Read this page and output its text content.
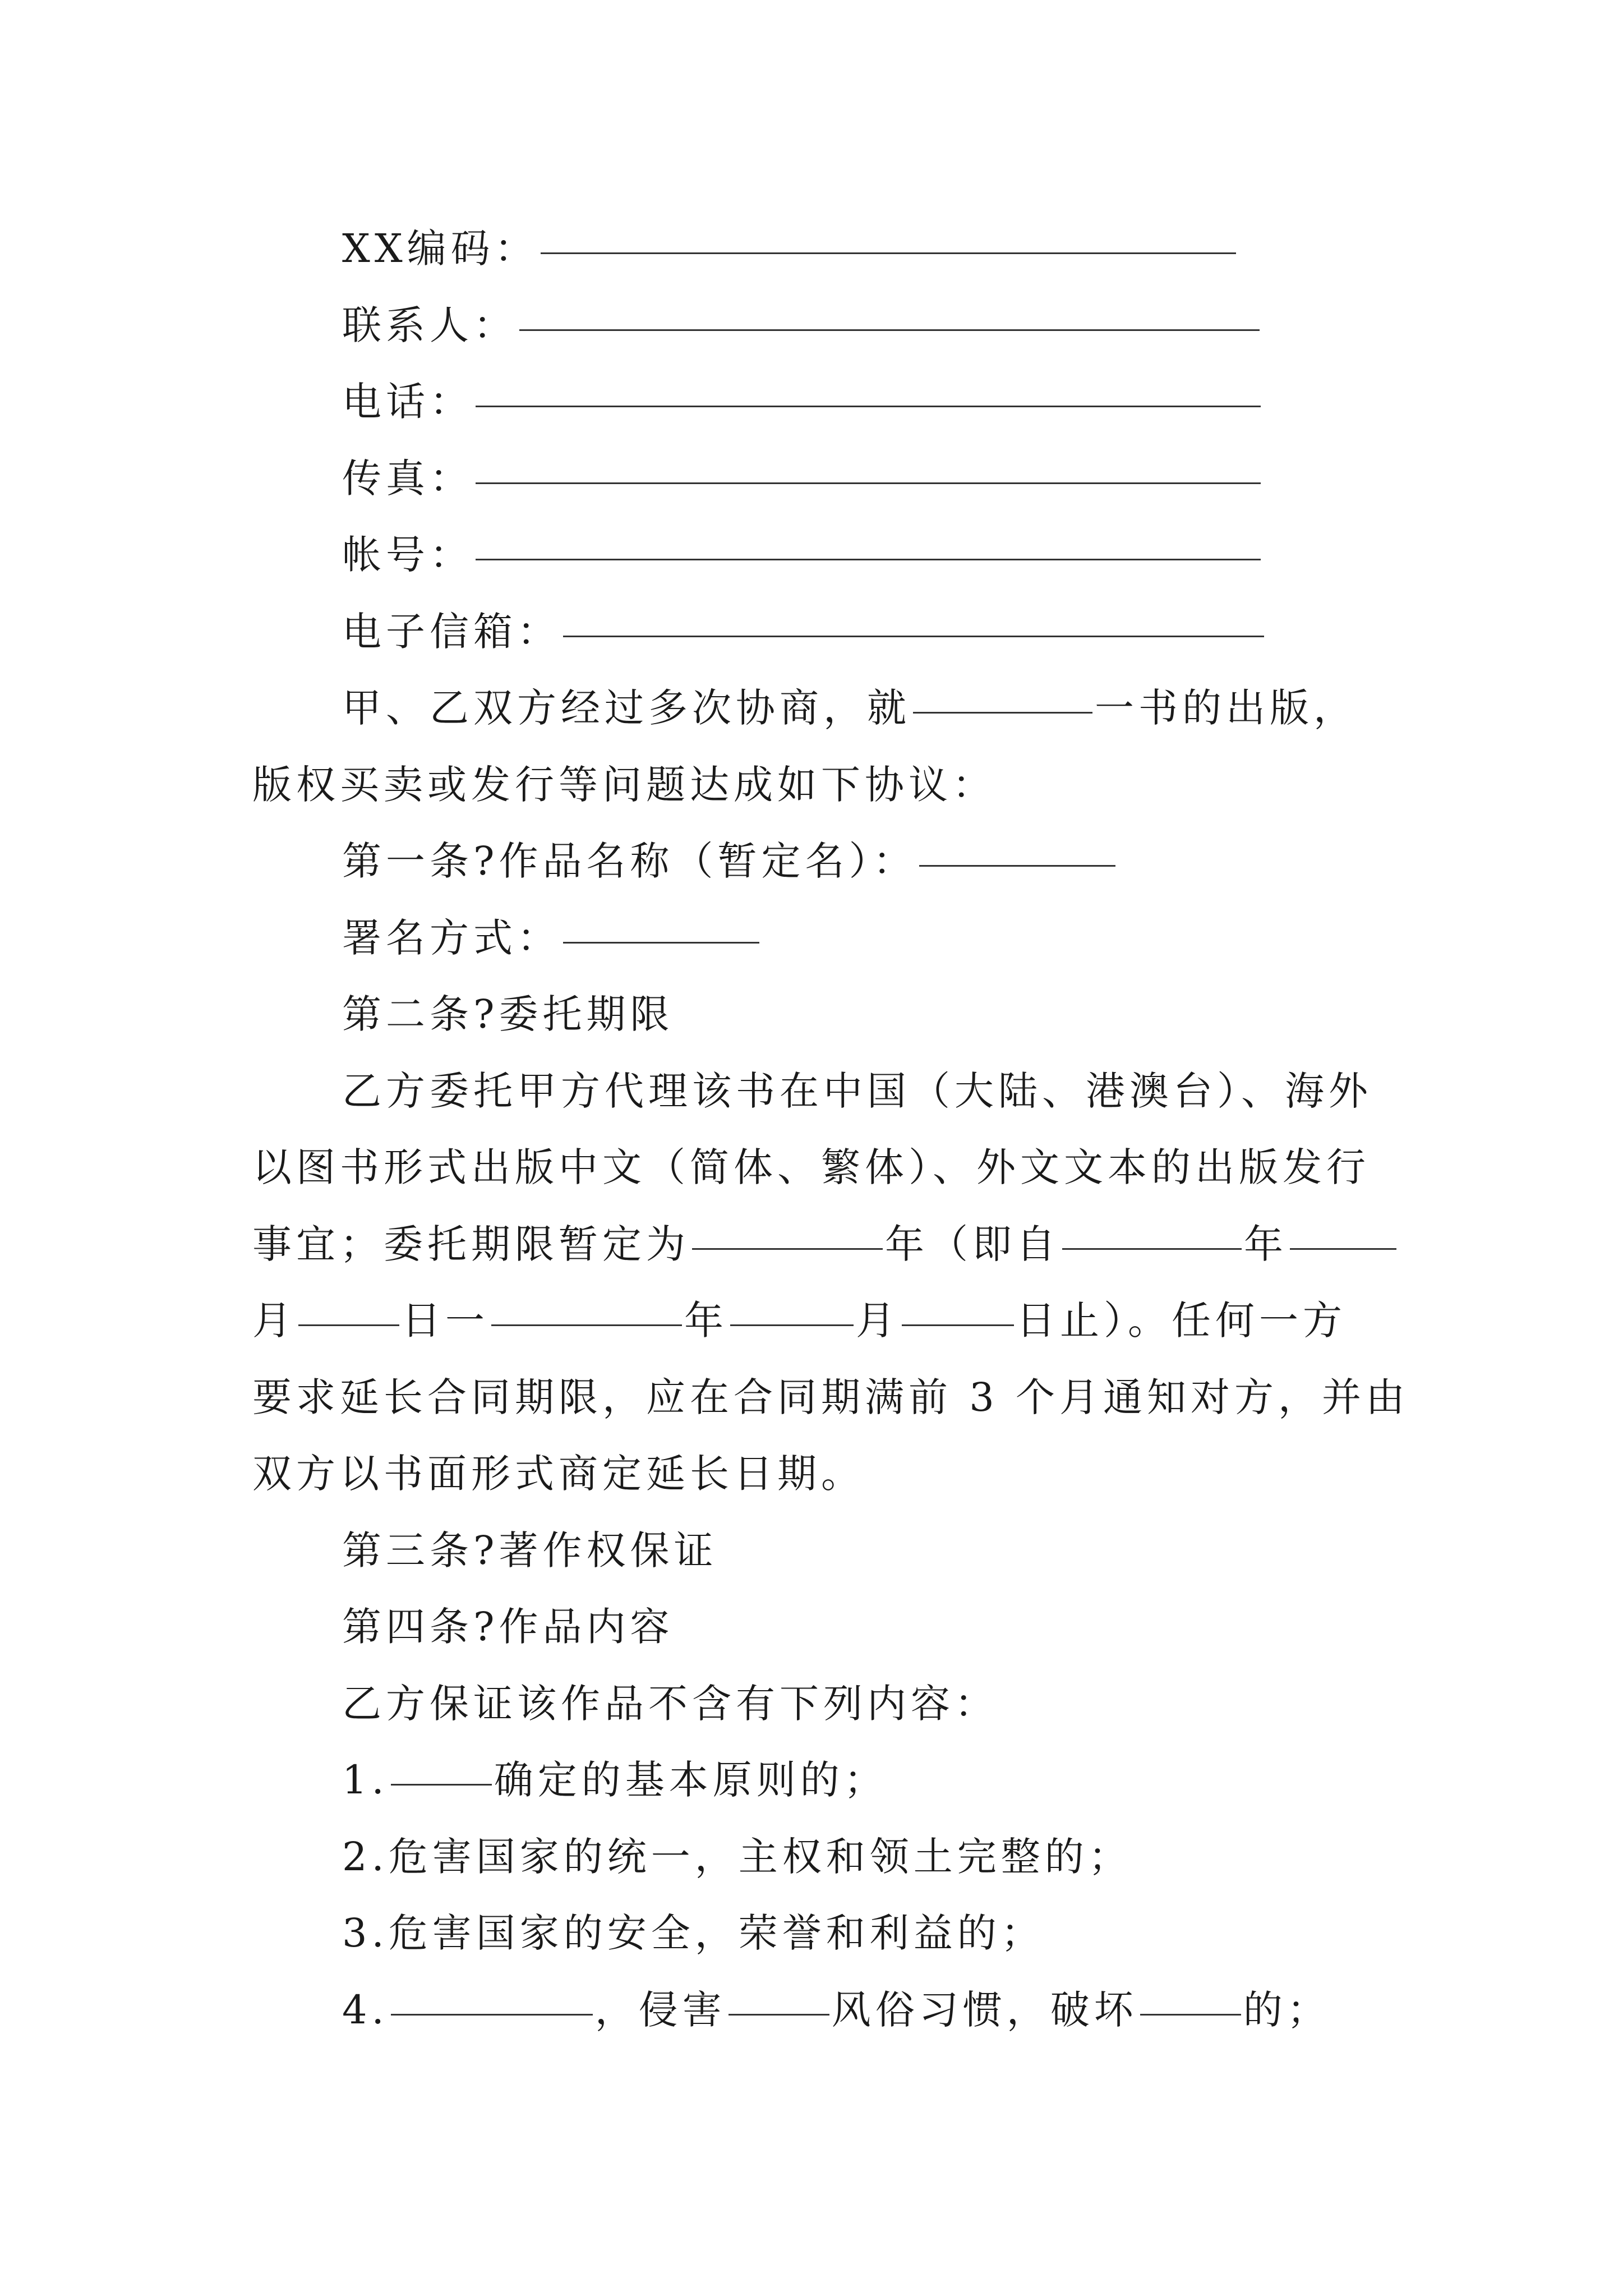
XX编码：
联系人：
电话：
传真：
帐号：
电子信箱：
甲、乙双方经过多次协商，就	一书的出版，
版权买卖或发行等问题达成如下协议：
第一条?作品名称（暂定名）：
署名方式：
第二条?委托期限
乙方委托甲方代理该书在中国（大陆、港澳台）、海外
以图书形式出版中文（简体、繁体）、外文文本的出版发行
事宜；委托期限暂定为	年（即自	年
月	日一	年	月	日止）。任何一方
要求延长合同期限，应在合同期满前 3 个月通知对方，并由
双方以书面形式商定延长日期。
第三条?著作权保证
第四条?作品内容
乙方保证该作品不含有下列内容：
1.	确定的基本原则的；
2.危害国家的统一，主权和领土完整的；
3.危害国家的安全，荣誉和利益的；
4.	，侵害	风俗习惯，破坏	的；
